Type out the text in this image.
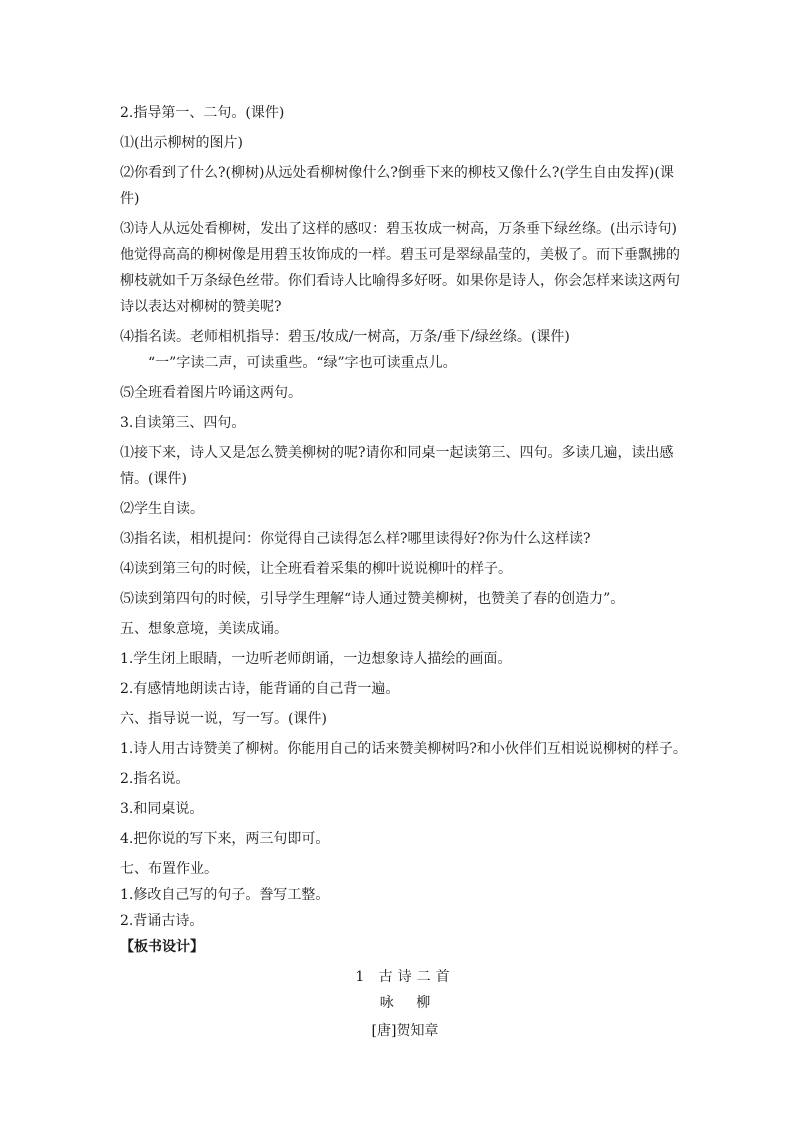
2.指导第一、二句。(课件)
⑴(出示柳树的图片)
⑵你看到了什么?(柳树)从远处看柳树像什么?倒垂下来的柳枝又像什么?(学生自由发挥)(课件)
⑶诗人从远处看柳树，发出了这样的感叹：碧玉妆成一树高，万条垂下绿丝绦。(出示诗句)他觉得高高的柳树像是用碧玉妆饰成的一样。碧玉可是翠绿晶莹的，美极了。而下垂飘拂的柳枝就如千万条绿色丝带。你们看诗人比喻得多好呀。如果你是诗人，你会怎样来读这两句诗以表达对柳树的赞美呢?
⑷指名读。老师相机指导：碧玉/妆成/一树高，万条/垂下/绿丝绦。(课件)
“一”字读二声，可读重些。“绿”字也可读重点儿。
⑸全班看着图片吟诵这两句。
3.自读第三、四句。
⑴接下来，诗人又是怎么赞美柳树的呢?请你和同桌一起读第三、四句。多读几遍，读出感情。(课件)
⑵学生自读。
⑶指名读，相机提问：你觉得自己读得怎么样?哪里读得好?你为什么这样读?
⑷读到第三句的时候，让全班看着采集的柳叶说说柳叶的样子。
⑸读到第四句的时候，引导学生理解“诗人通过赞美柳树，也赞美了春的创造力”。
五、想象意境，美读成诵。
1.学生闭上眼睛，一边听老师朗诵，一边想象诗人描绘的画面。
2.有感情地朗读古诗，能背诵的自己背一遍。
六、指导说一说，写一写。(课件)
1.诗人用古诗赞美了柳树。你能用自己的话来赞美柳树吗?和小伙伴们互相说说柳树的样子。
2.指名说。
3.和同桌说。
4.把你说的写下来，两三句即可。
七、布置作业。
1.修改自己写的句子。誊写工整。
2.背诵古诗。
【板书设计】
1 古诗二首
咏 柳
[唐]贺知章
